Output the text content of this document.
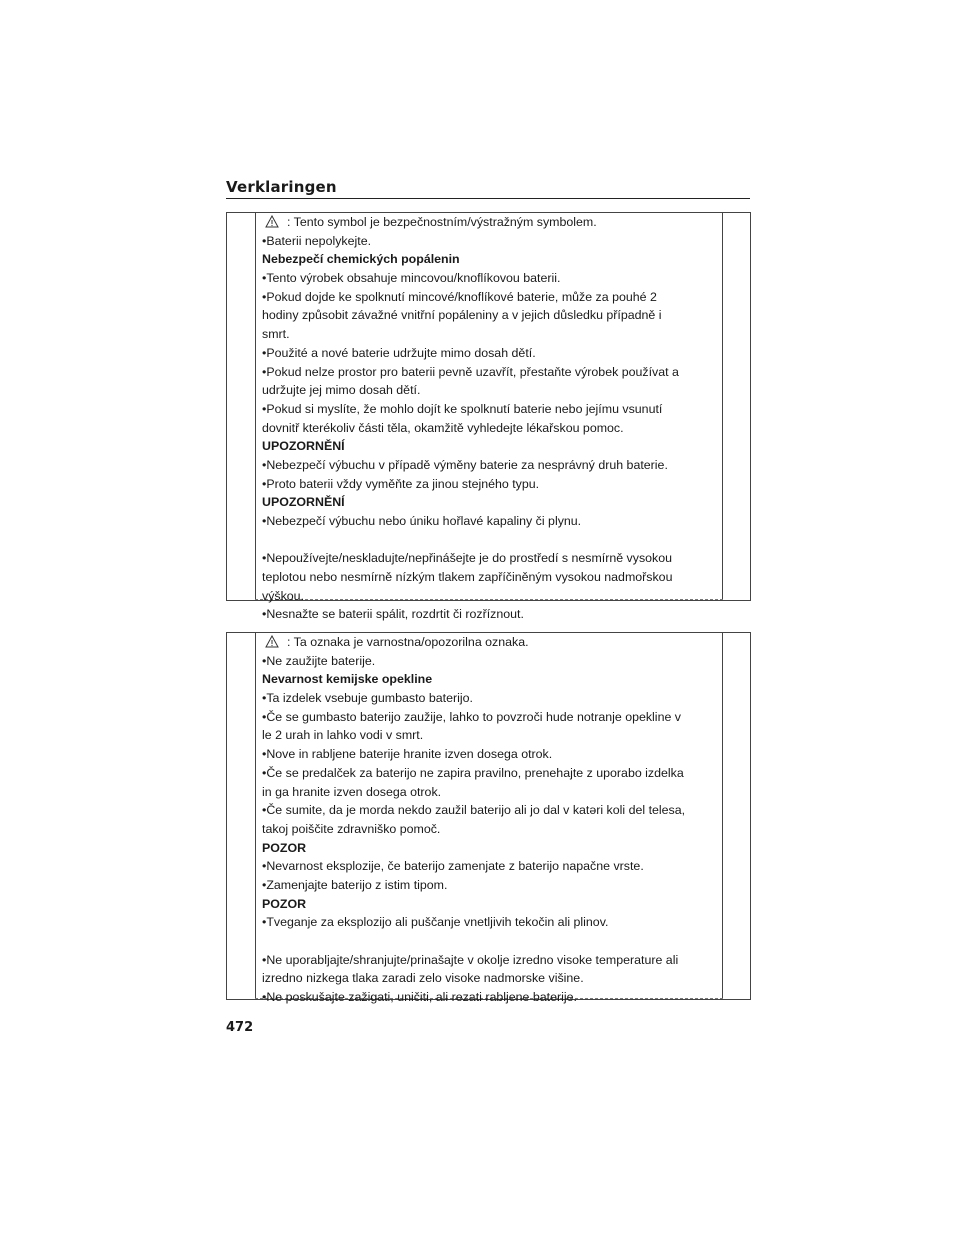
Verklaringen
: Tento symbol je bezpečnostním/výstražným symbolem.
•Baterii nepolykejte.
Nebezpečí chemických popálenin
•Tento výrobek obsahuje mincovou/knoflíkovou baterii.
•Pokud dojde ke spolknutí mincové/knoflíkové baterie, může za pouhé 2
hodiny způsobit závažné vnitřní popáleniny a v jejich důsledku případně i
smrt.
•Použité a nové baterie udržujte mimo dosah dětí.
•Pokud nelze prostor pro baterii pevně uzavřít, přestaňte výrobek používat a
udržujte jej mimo dosah dětí.
•Pokud si myslíte, že mohlo dojít ke spolknutí baterie nebo jejímu vsunutí
dovnitř kterékoliv části těla, okamžitě vyhledejte lékařskou pomoc.
UPOZORNĚNÍ
•Nebezpečí výbuchu v případě výměny baterie za nesprávný druh baterie.
•Proto baterii vždy vyměňte za jinou stejného typu.
UPOZORNĚNÍ
•Nebezpečí výbuchu nebo úniku hořlavé kapaliny či plynu.
•Nepoužívejte/neskladujte/nepřinášejte je do prostředí s nesmírně vysokou
teplotou nebo nesmírně nízkým tlakem zapříčiněným vysokou nadmořskou
výškou.
•Nesnažte se baterii spálit, rozdrtit či rozříznout.
: Ta oznaka je varnostna/opozorilna oznaka.
•Ne zaužijte baterije.
Nevarnost kemijske opekline
•Ta izdelek vsebuje gumbasto baterijo.
•Če se gumbasto baterijo zaužije, lahko to povzroči hude notranje opekline v
le 2 urah in lahko vodi v smrt.
•Nove in rabljene baterije hranite izven dosega otrok.
•Če se predalček za baterijo ne zapira pravilno, prenehajte z uporabo izdelka
in ga hranite izven dosega otrok.
•Če sumite, da je morda nekdo zaužil baterijo ali jo dal v katəri koli del telesa,
takoj poiščite zdravniško pomoč.
POZOR
•Nevarnost eksplozije, če baterijo zamenjate z baterijo napačne vrste.
•Zamenjajte baterijo z istim tipom.
POZOR
•Tveganje za eksplozijo ali puščanje vnetljivih tekočin ali plinov.
•Ne uporabljajte/shranjujte/prinašajte v okolje izredno visoke temperature ali
izredno nizkega tlaka zaradi zelo visoke nadmorske višine.
•Ne poskušajte zažigati, uničiti, ali rezati rabljene baterije.
472
